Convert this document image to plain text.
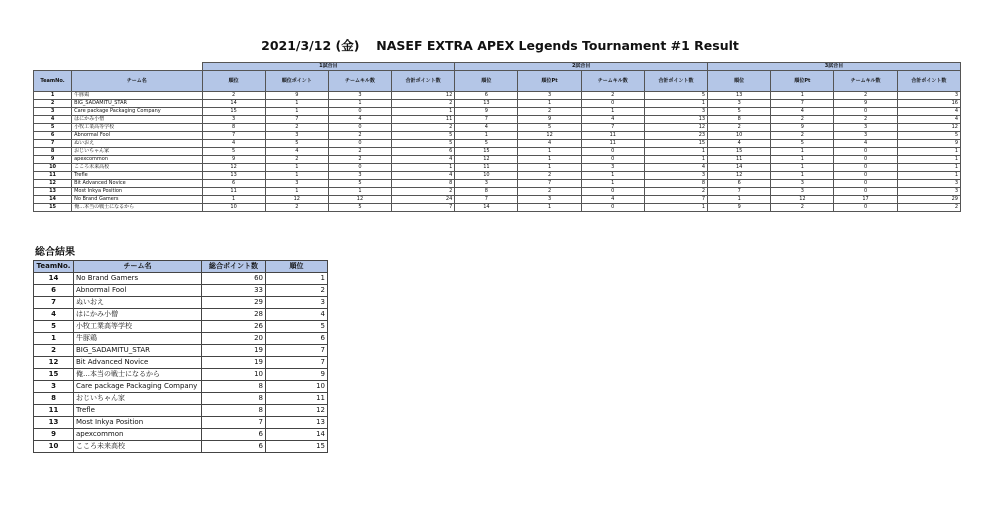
2021/3/12 (金)　 NASEF EXTRA APEX Legends Tournament #1 Result
		1試合目				2試合目				3試合目			
TeamNo.	チーム名	順位	順位ポイント	チームキル数	合計ポイント数	順位	順位Pt	チームキル数	合計ポイント数	順位	順位Pt	チームキル数	合計ポイント数
1	牛豚鶏	2	9	3	12	6	3	2	5	13	1	2	3
2	BIG_SADAMITU_STAR	14	1	1	2	13	1	0	1	3	7	9	16
3	Care package Packaging Company	15	1	0	1	9	2	1	3	5	4	0	4
4	はにかみ小僧	3	7	4	11	7	9	4	13	8	2	2	4
5	小牧工業高等学校	8	2	0	2	4	5	7	12	2	9	3	12
6	Abnormal Fool	7	3	2	5	1	12	11	23	10	2	3	5
7	ぬいおえ	4	5	0	5	5	4	11	15	4	5	4	9
8	おじいちゃん家	5	4	2	6	15	1	0	1	15	1	0	1
9	apexcommon	9	2	2	4	12	1	0	1	11	1	0	1
10	こころ未来高校	12	1	0	1	11	1	3	4	14	1	0	1
11	Trefle	13	1	3	4	10	2	1	3	12	1	0	1
12	Bit Advanced Novice	6	3	5	8	3	7	1	8	6	3	0	3
13	Most Inkya Position	11	1	1	2	8	2	0	2	7	3	0	3
14	No Brand Gamers	1	12	12	24	7	3	4	7	1	12	17	29
15	俺…本当の戦士になるから	10	2	5	7	14	1	0	1	9	2	0	2
総合結果
TeamNo.	チーム名	総合ポイント数	順位
14	No Brand Gamers	60	1
6	Abnormal Fool	33	2
7	ぬいおえ	29	3
4	はにかみ小僧	28	4
5	小牧工業高等学校	26	5
1	牛豚鶏	20	6
2	BIG_SADAMITU_STAR	19	7
12	Bit Advanced Novice	19	7
15	俺…本当の戦士になるから	10	9
3	Care package Packaging Company	8	10
8	おじいちゃん家	8	11
11	Trefle	8	12
13	Most Inkya Position	7	13
9	apexcommon	6	14
10	こころ未来高校	6	15
